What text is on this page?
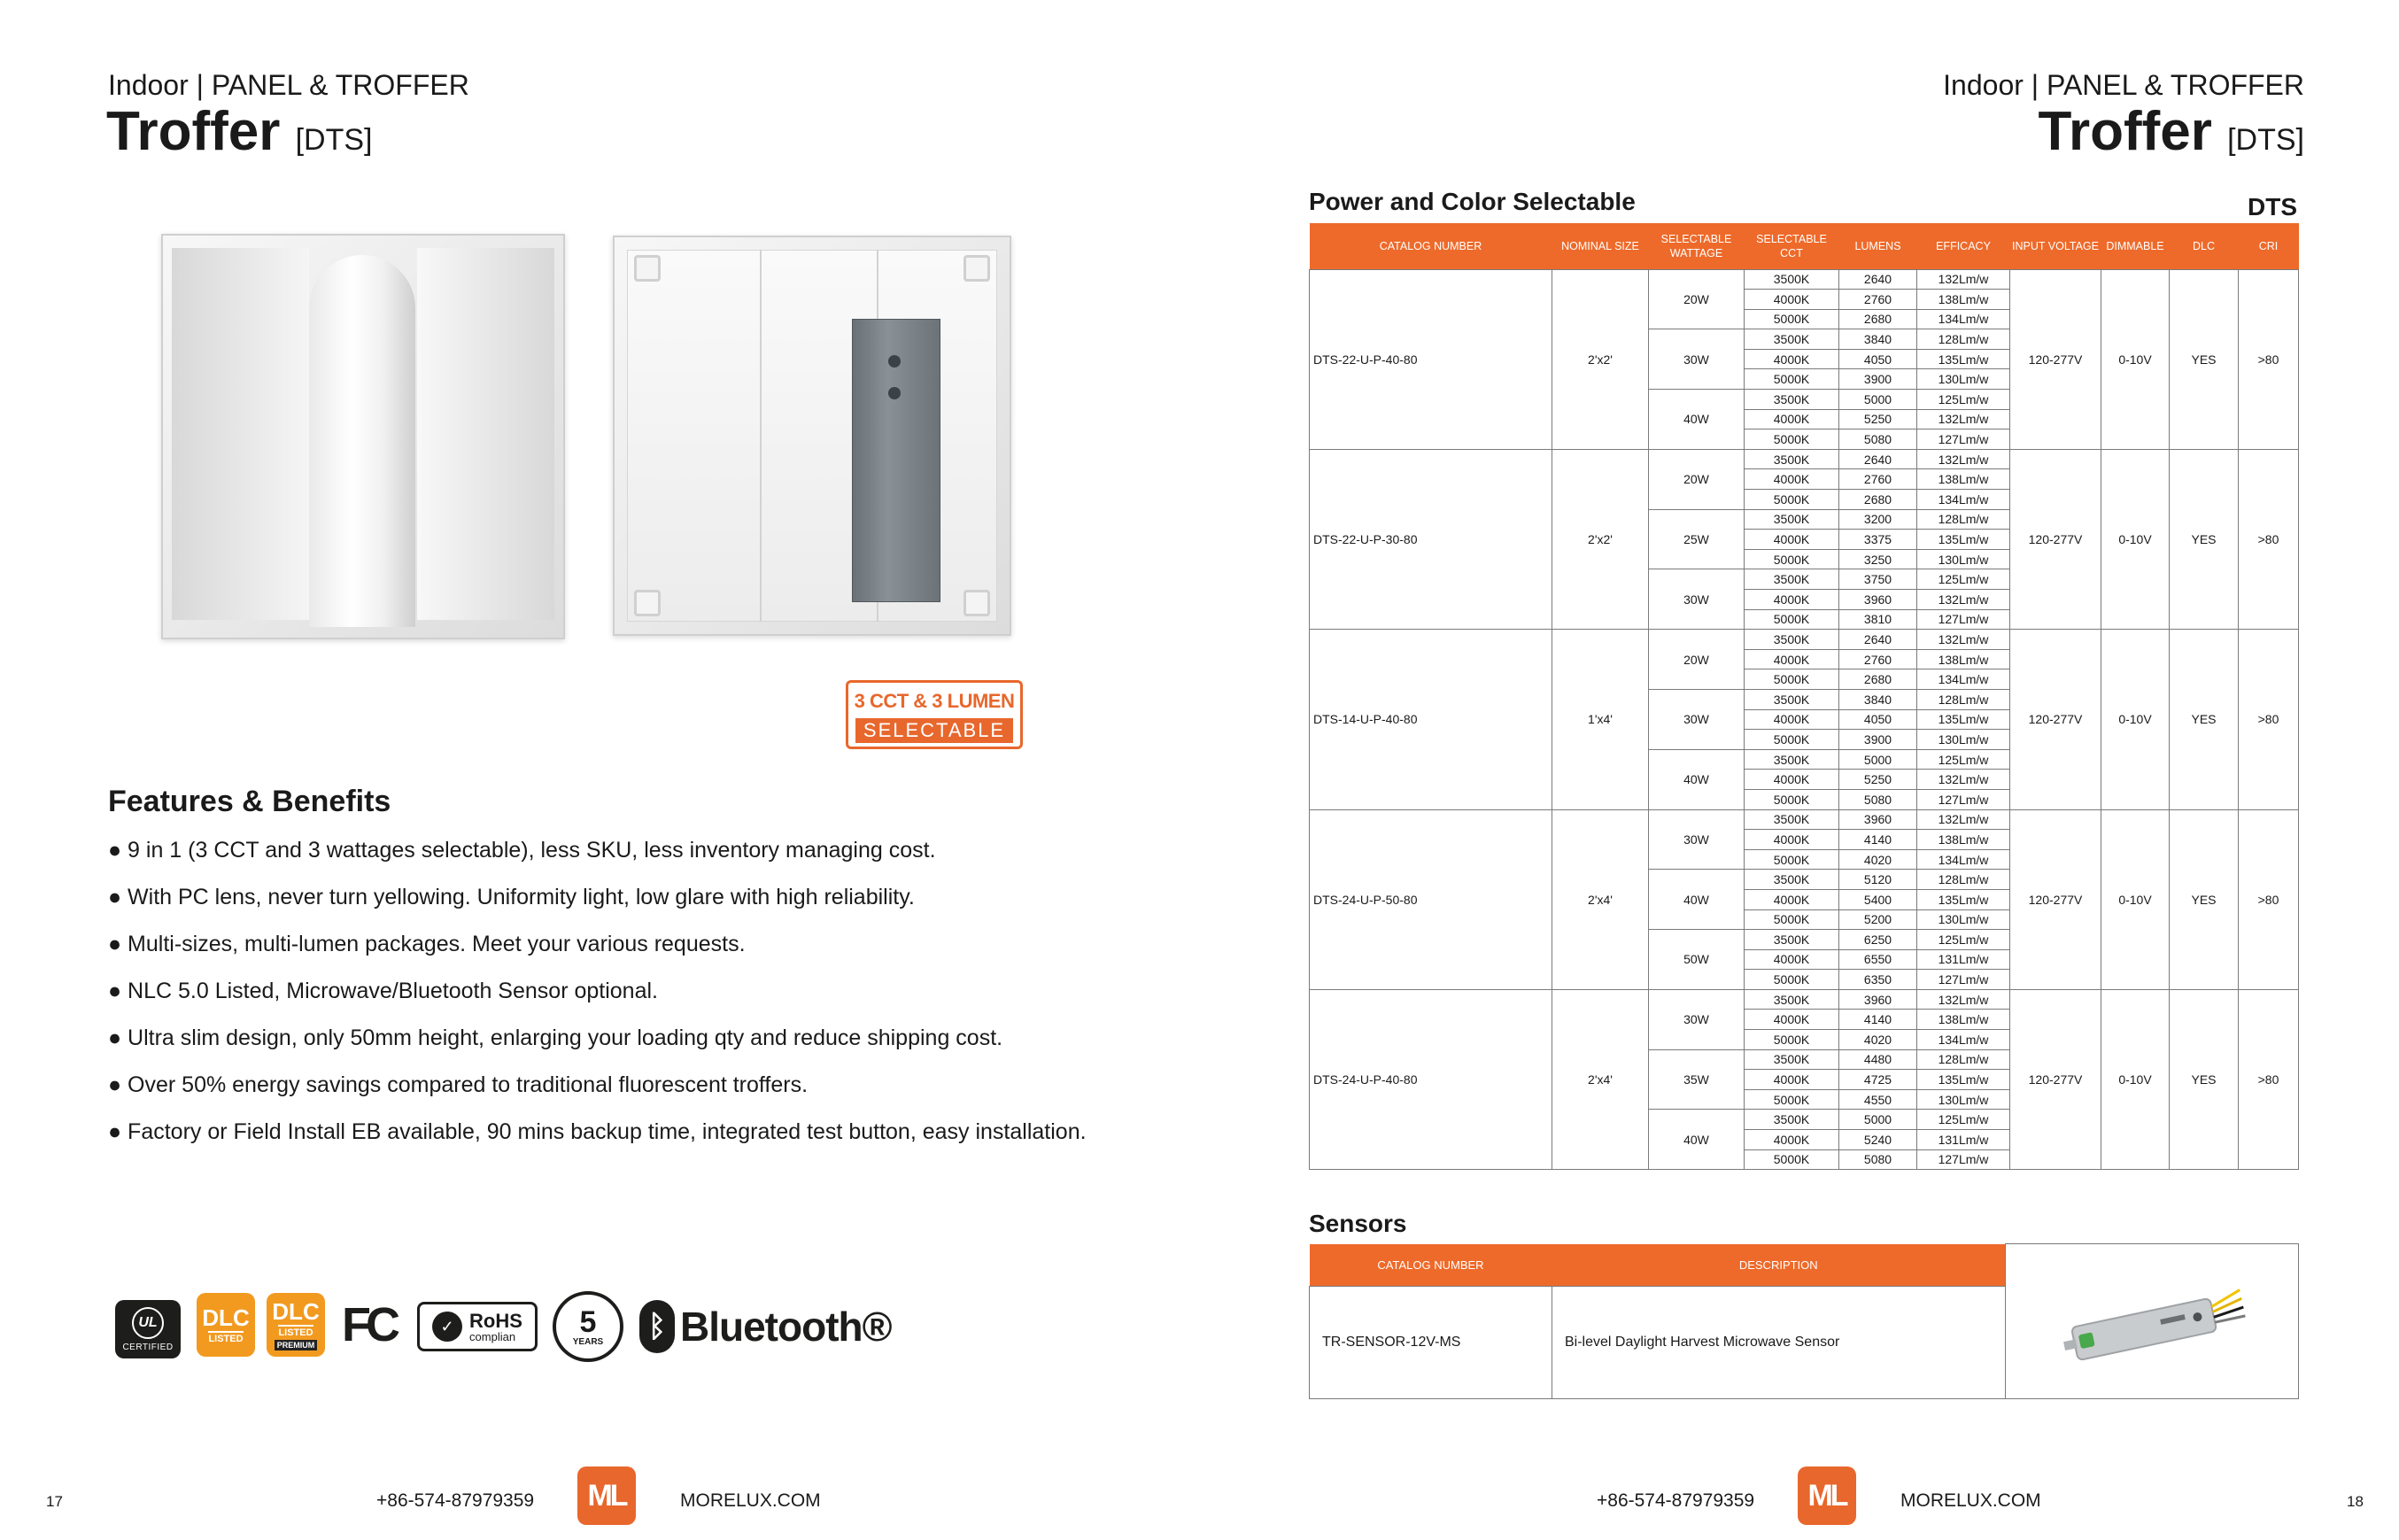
Indoor | PANEL & TROFFER
Troffer [DTS]
3 CCT & 3 LUMEN
SELECTABLE
Features & Benefits
● 9 in 1 (3 CCT and 3 wattages selectable), less SKU, less inventory managing cost.
● With PC lens, never turn yellowing. Uniformity light, low glare with high reliability.
● Multi-sizes, multi-lumen packages. Meet your various requests.
● NLC 5.0 Listed, Microwave/Bluetooth Sensor optional.
● Ultra slim design, only 50mm height, enlarging your loading qty and reduce shipping cost.
● Over 50% energy savings compared to traditional fluorescent troffers.
● Factory or Field Install EB available, 90 mins backup time, integrated test button, easy installation.
UL
CERTIFIED
DLC
LISTED
DLC
LISTED
PREMIUM FC	✓ RoHS
complian 5
YEARS ᛒ Bluetooth®
17	+86-574-87979359 ML	MORELUX.COM
Indoor | PANEL & TROFFER
Troffer [DTS]
Power and Color Selectable	DTS
CATALOG NUMBER	NOMINAL SIZE	SELECTABLE WATTAGE	SELECTABLE CCT	LUMENS	EFFICACY	INPUT VOLTAGE	DIMMABLE	DLC	CRI
DTS-22-U-P-40-80	2'x2'	20W	3500K	2640	132Lm/w	120-277V	0-10V	YES	>80
			4000K	2760	138Lm/w				
			5000K	2680	134Lm/w				
		30W	3500K	3840	128Lm/w				
			4000K	4050	135Lm/w				
			5000K	3900	130Lm/w				
		40W	3500K	5000	125Lm/w				
			4000K	5250	132Lm/w				
			5000K	5080	127Lm/w				
DTS-22-U-P-30-80	2'x2'	20W	3500K	2640	132Lm/w	120-277V	0-10V	YES	>80
			4000K	2760	138Lm/w				
			5000K	2680	134Lm/w				
		25W	3500K	3200	128Lm/w				
			4000K	3375	135Lm/w				
			5000K	3250	130Lm/w				
		30W	3500K	3750	125Lm/w				
			4000K	3960	132Lm/w				
			5000K	3810	127Lm/w				
DTS-14-U-P-40-80	1'x4'	20W	3500K	2640	132Lm/w	120-277V	0-10V	YES	>80
			4000K	2760	138Lm/w				
			5000K	2680	134Lm/w				
		30W	3500K	3840	128Lm/w				
			4000K	4050	135Lm/w				
			5000K	3900	130Lm/w				
		40W	3500K	5000	125Lm/w				
			4000K	5250	132Lm/w				
			5000K	5080	127Lm/w				
DTS-24-U-P-50-80	2'x4'	30W	3500K	3960	132Lm/w	120-277V	0-10V	YES	>80
			4000K	4140	138Lm/w				
			5000K	4020	134Lm/w				
		40W	3500K	5120	128Lm/w				
			4000K	5400	135Lm/w				
			5000K	5200	130Lm/w				
		50W	3500K	6250	125Lm/w				
			4000K	6550	131Lm/w				
			5000K	6350	127Lm/w				
DTS-24-U-P-40-80	2'x4'	30W	3500K	3960	132Lm/w	120-277V	0-10V	YES	>80
			4000K	4140	138Lm/w				
			5000K	4020	134Lm/w				
		35W	3500K	4480	128Lm/w				
			4000K	4725	135Lm/w				
			5000K	4550	130Lm/w				
		40W	3500K	5000	125Lm/w				
			4000K	5240	131Lm/w				
			5000K	5080	127Lm/w				
Sensors
CATALOG NUMBER	DESCRIPTION	
TR-SENSOR-12V-MS	Bi-level Daylight Harvest Microwave Sensor	
+86-574-87979359 ML	MORELUX.COM	18
